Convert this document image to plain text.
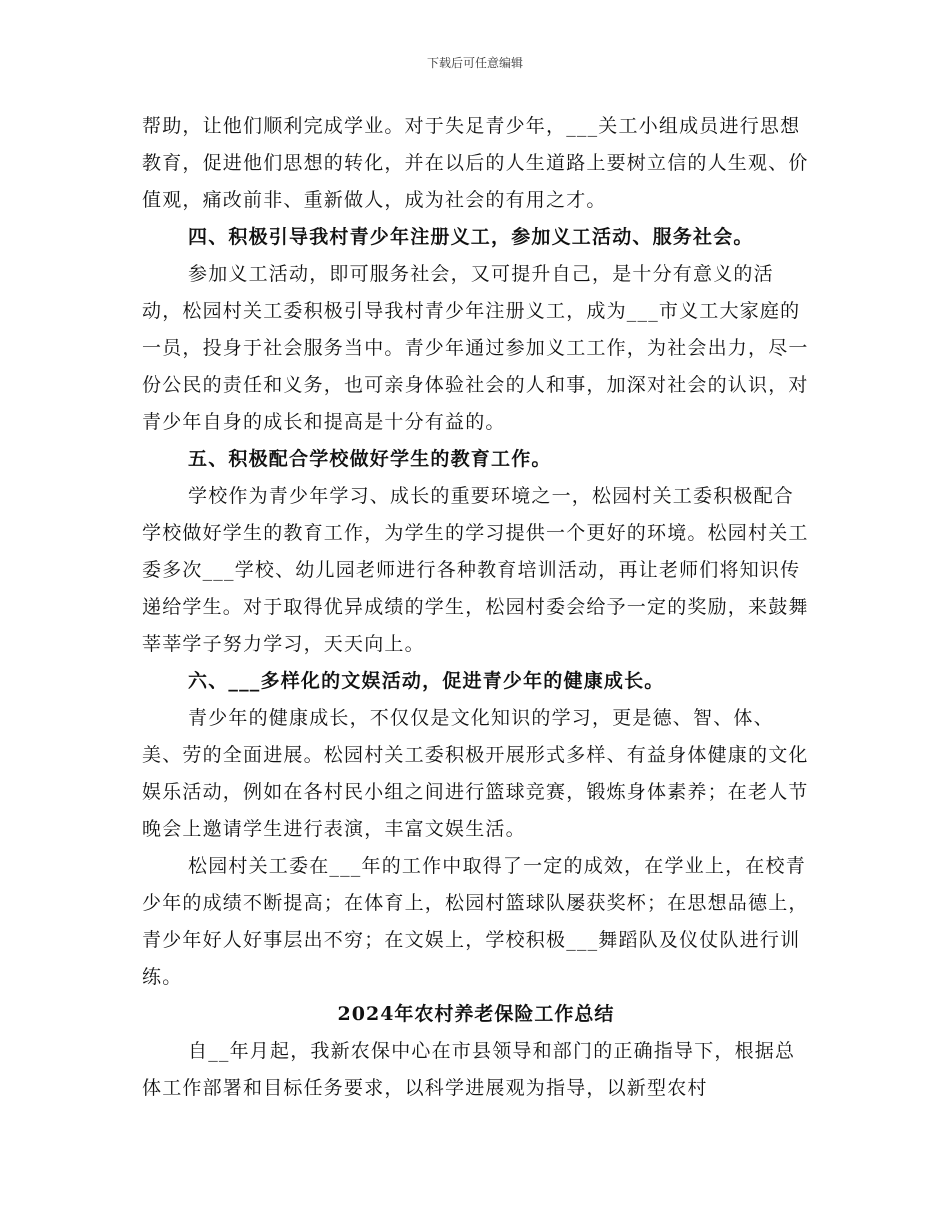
下载后可任意编辑

帮助，让他们顺利完成学业。对于失足青少年，___关工小组成员进行思想教育，促进他们思想的转化，并在以后的人生道路上要树立信的人生观、价值观，痛改前非、重新做人，成为社会的有用之才。

四、积极引导我村青少年注册义工，参加义工活动、服务社会。

参加义工活动，即可服务社会，又可提升自己，是十分有意义的活动，松园村关工委积极引导我村青少年注册义工，成为___市义工大家庭的一员，投身于社会服务当中。青少年通过参加义工工作，为社会出力，尽一份公民的责任和义务，也可亲身体验社会的人和事，加深对社会的认识，对青少年自身的成长和提高是十分有益的。

五、积极配合学校做好学生的教育工作。

学校作为青少年学习、成长的重要环境之一，松园村关工委积极配合学校做好学生的教育工作，为学生的学习提供一个更好的环境。松园村关工委多次___学校、幼儿园老师进行各种教育培训活动，再让老师们将知识传递给学生。对于取得优异成绩的学生，松园村委会给予一定的奖励，来鼓舞莘莘学子努力学习，天天向上。

六、___多样化的文娱活动，促进青少年的健康成长。

青少年的健康成长，不仅仅是文化知识的学习，更是德、智、体、美、劳的全面进展。松园村关工委积极开展形式多样、有益身体健康的文化娱乐活动，例如在各村民小组之间进行篮球竞赛，锻炼身体素养；在老人节晚会上邀请学生进行表演，丰富文娱生活。

松园村关工委在___年的工作中取得了一定的成效，在学业上，在校青少年的成绩不断提高；在体育上，松园村篮球队屡获奖杯；在思想品德上，青少年好人好事层出不穷；在文娱上，学校积极___舞蹈队及仪仗队进行训练。

2024年农村养老保险工作总结

自__年月起，我新农保中心在市县领导和部门的正确指导下，根据总体工作部署和目标任务要求，以科学进展观为指导，以新型农村
